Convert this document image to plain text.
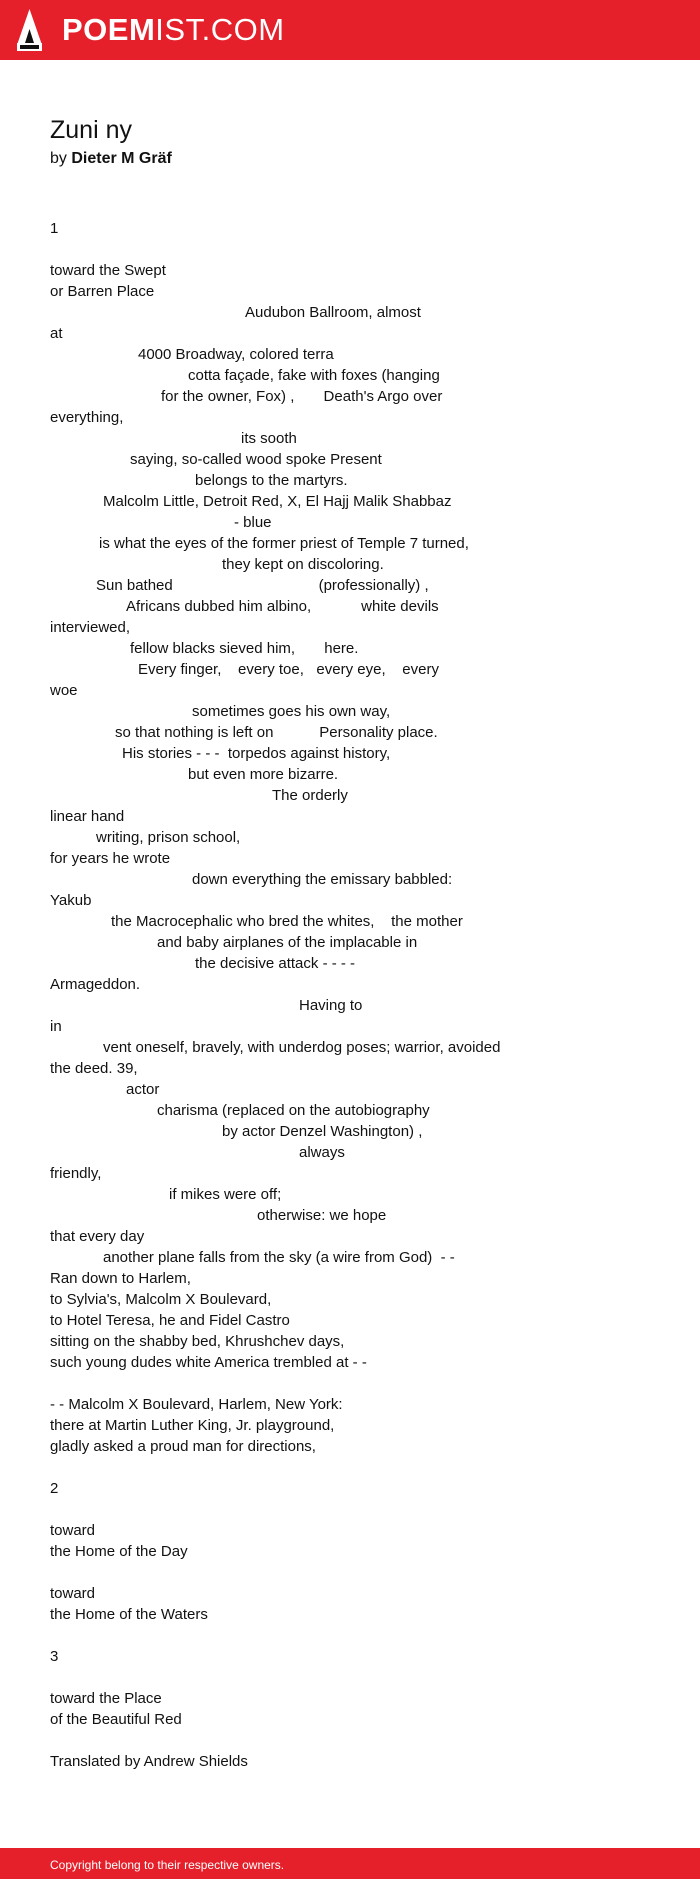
POEMIST.COM
Zuni ny
by Dieter M Gräf
1
toward the Swept
or Barren Place
Audubon Ballroom, almost
at
4000 Broadway, colored terra
cotta façade, fake with foxes (hanging
for the owner, Fox) ,       Death's Argo over
everything,
its sooth
saying, so-called wood spoke Present
belongs to the martyrs.
Malcolm Little, Detroit Red, X, El Hajj Malik Shabbaz
- blue
is what the eyes of the former priest of Temple 7 turned,
they kept on discoloring.
Sun bathed                                   (professionally) ,
Africans dubbed him albino,            white devils
interviewed,
fellow blacks sieved him,       here.
Every finger,    every toe,   every eye,    every
woe
sometimes goes his own way,
so that nothing is left on           Personality place.
His stories - - -  torpedos against history,
but even more bizarre.
The orderly
linear hand
writing, prison school,
for years he wrote
down everything the emissary babbled:
Yakub
the Macrocephalic who bred the whites,    the mother
and baby airplanes of the implacable in
the decisive attack - - - -
Armageddon.
Having to
in
vent oneself, bravely, with underdog poses; warrior, avoided
the deed. 39,
actor
charisma (replaced on the autobiography
by actor Denzel Washington) ,
always
friendly,
if mikes were off;
otherwise: we hope
that every day
another plane falls from the sky (a wire from God)  - -
Ran down to Harlem,
to Sylvia's, Malcolm X Boulevard,
to Hotel Teresa, he and Fidel Castro
sitting on the shabby bed, Khrushchev days,
such young dudes white America trembled at - -
- - Malcolm X Boulevard, Harlem, New York:
there at Martin Luther King, Jr. playground,
gladly asked a proud man for directions,
2
toward
the Home of the Day
toward
the Home of the Waters
3
toward the Place
of the Beautiful Red
Translated by Andrew Shields
Copyright belong to their respective owners.
